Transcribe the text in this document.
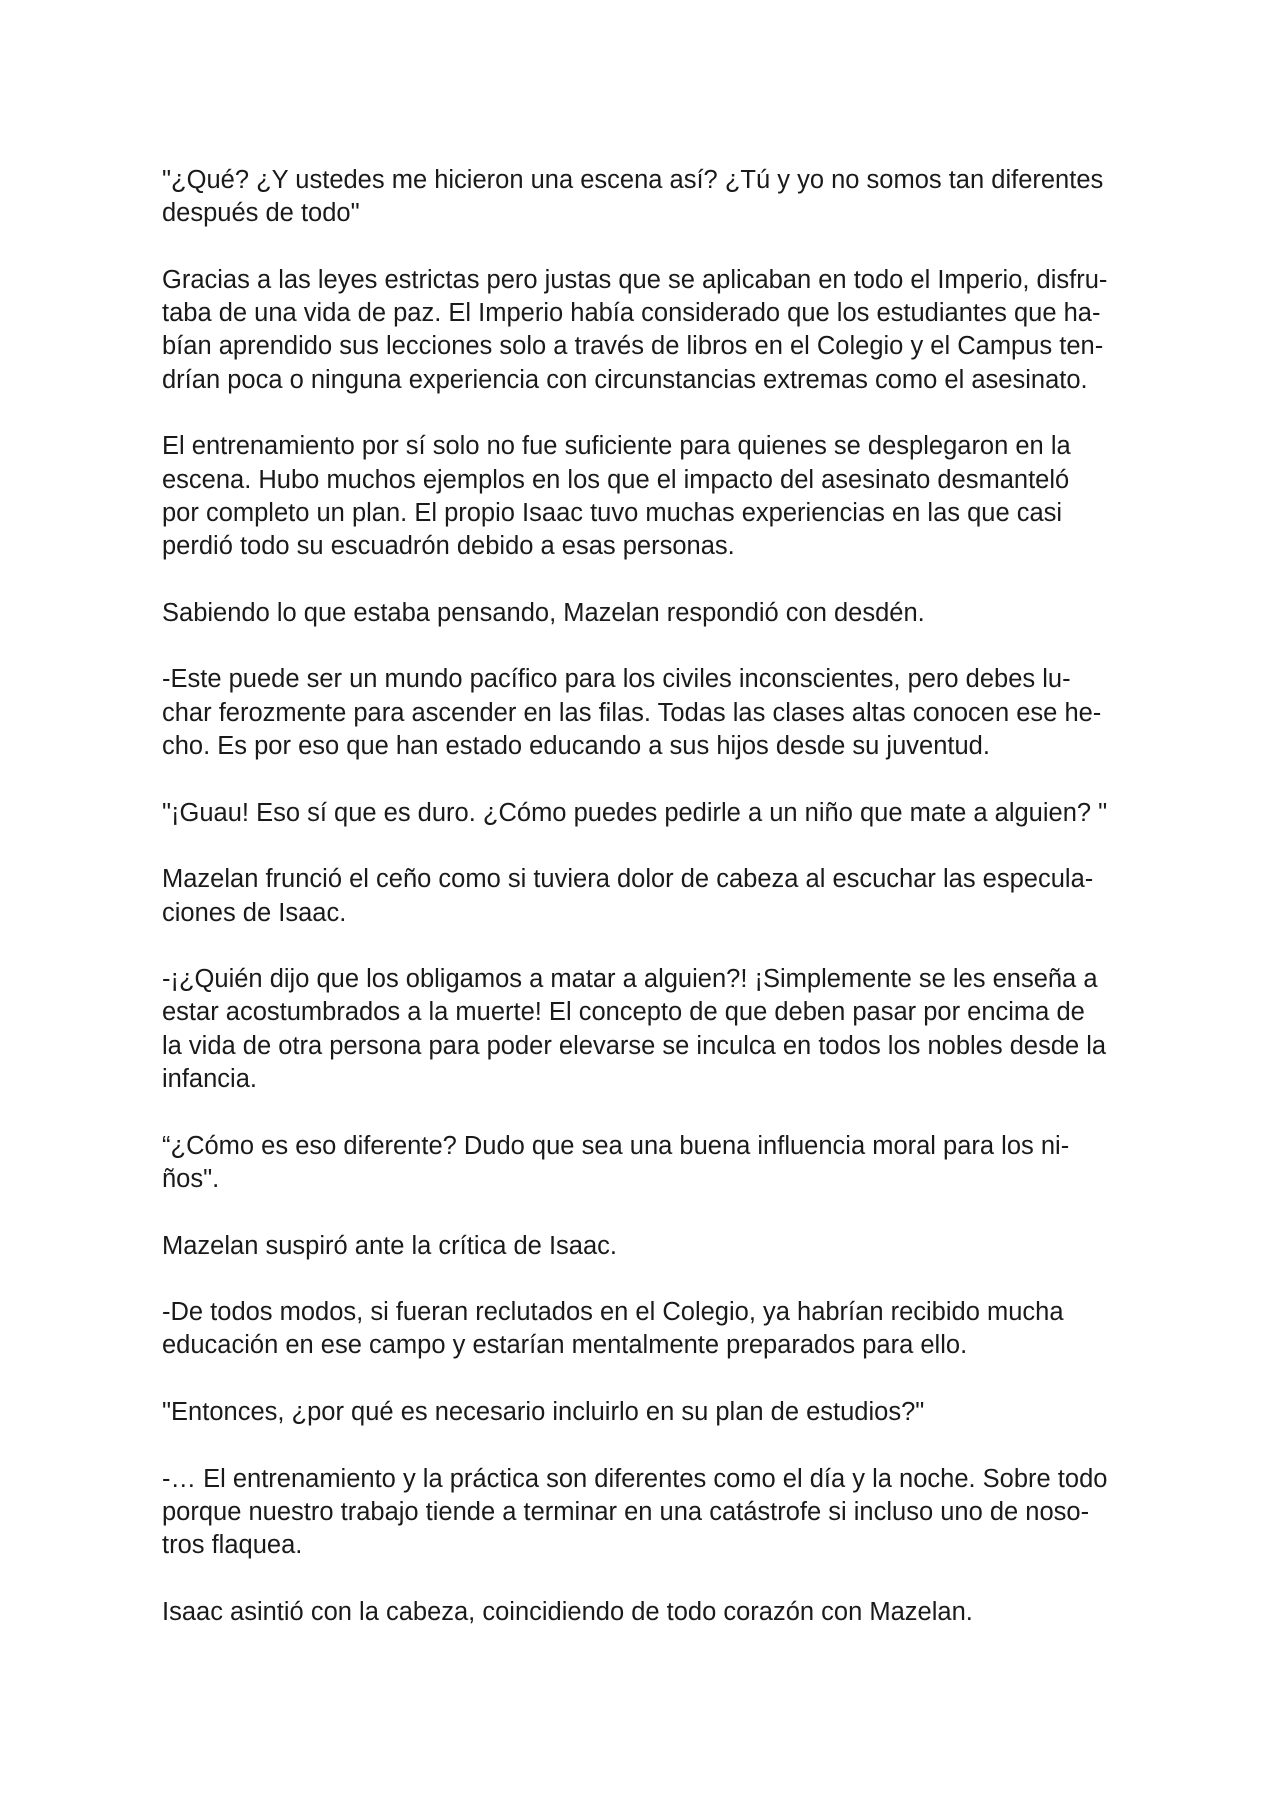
"¿Qué? ¿Y ustedes me hicieron una escena así? ¿Tú y yo no somos tan diferentes
después de todo"

Gracias a las leyes estrictas pero justas que se aplicaban en todo el Imperio, disfru-
taba de una vida de paz. El Imperio había considerado que los estudiantes que ha-
bían aprendido sus lecciones solo a través de libros en el Colegio y el Campus ten-
drían poca o ninguna experiencia con circunstancias extremas como el asesinato.

El entrenamiento por sí solo no fue suficiente para quienes se desplegaron en la
escena. Hubo muchos ejemplos en los que el impacto del asesinato desmanteló
por completo un plan. El propio Isaac tuvo muchas experiencias en las que casi
perdió todo su escuadrón debido a esas personas.

Sabiendo lo que estaba pensando, Mazelan respondió con desdén.

-Este puede ser un mundo pacífico para los civiles inconscientes, pero debes lu-
char ferozmente para ascender en las filas. Todas las clases altas conocen ese he-
cho. Es por eso que han estado educando a sus hijos desde su juventud.

"¡Guau! Eso sí que es duro. ¿Cómo puedes pedirle a un niño que mate a alguien? "

Mazelan frunció el ceño como si tuviera dolor de cabeza al escuchar las especula-
ciones de Isaac.

-¡¿Quién dijo que los obligamos a matar a alguien?! ¡Simplemente se les enseña a
estar acostumbrados a la muerte! El concepto de que deben pasar por encima de
la vida de otra persona para poder elevarse se inculca en todos los nobles desde la
infancia.

“¿Cómo es eso diferente? Dudo que sea una buena influencia moral para los ni-
ños".

Mazelan suspiró ante la crítica de Isaac.

-De todos modos, si fueran reclutados en el Colegio, ya habrían recibido mucha
educación en ese campo y estarían mentalmente preparados para ello.

"Entonces, ¿por qué es necesario incluirlo en su plan de estudios?"

-… El entrenamiento y la práctica son diferentes como el día y la noche. Sobre todo
porque nuestro trabajo tiende a terminar en una catástrofe si incluso uno de noso-
tros flaquea.

Isaac asintió con la cabeza, coincidiendo de todo corazón con Mazelan.
